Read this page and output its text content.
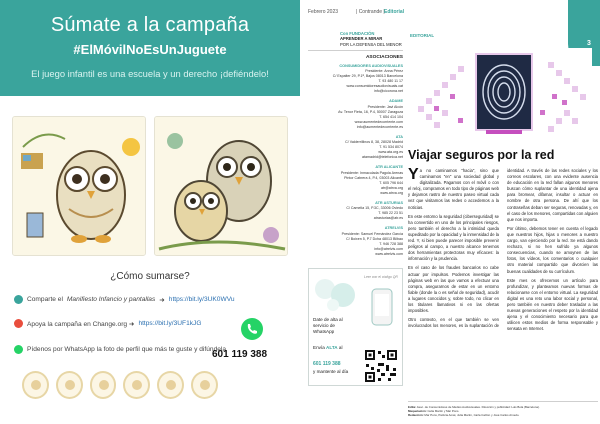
Súmate a la campaña
#ElMóvilNoEsUnJuguete
El juego infantil es una escuela y un derecho ¡defiéndelo!
¿Cómo sumarse?
Comparte el Manifiesto Infancio y pantallas ➜ https://bit.ly/3UK0WVu
Apoya la campaña en Change.org ➜ https://bit.ly/3UF1kJG
Pídenos por WhatsApp la foto de perfil que más te guste y difúndela
601 119 388
Febrero 2023	| Contrande | Editorial
3
Con FUNDACIÓN
APRENDER A MIRAR
POR LA DEFENSA DEL MENOR
EDITORIAL
ASOCIACIONES
CONSUMIDORES AUDIOVISUALES
Presidente: Anna Pérez
C/ Espalter 29, P.1ª, Bajos 08013 Barcelona
T. 93 480 11 17
www.consumidoresaudiovisuals.cat
info@cicorona.net
ADAME
Presidente: Javi Alcón
Av. Tenor Fleta, 16, P.4, 50007 Zaragoza
T. 654 414 104
www.aumentedecorriente.com
info@aumentedecorriente.es
ATA
C/ Valderrillinos 8, 38, 28028 Madrid
T. 91 534 8074
www.ata.org.es
atamadrid@telefonica.net
ATR ALICANTE
Presidente: Inmaculada Pagola Arenas
Pintor Cabrera 4, P.4, 03003 Alicante
T. 605 796 644
atr@atrva.org
www.atrva.org
ATR ASTURIAS
C/ Camelia 15, P.3C, 33006 Oviedo
T. 985 22 23 51
atrasturias@atr.es
ATRELVIS
Presidente: Samuel Fernández García
C/ Boixen 5, P.7 Dcha 48013 Bilbao
T. 946 728 388
info@atrelvis.com
www.atrelvis.com
Leer con el código QR
Date de alta al servicio de WhatsApp
Envía ALTA al
601 119 388
y mantente al día
Viajar seguros por la red

Ya no caminamos "hacia", sino que caminamos "en" una sociedad global y digitalizada. Pagamos con el móvil o con el reloj, compramos en todo tipo de páginas web y dejamos rastro de nuestro paseo virtual cada vez que visitamos las redes o accedemos a la noticias.

En este entorno la seguridad (ciberseguridad) se ha convertido en uno de los principales riesgos, pero también el derecho a la intimidad queda supeditado por la opacidad y la inmensidad de la red. Y, si bien puede parecer imposible prevenir peligros al campo, a nuestro alcance tenemos dos herramientas protectoras muy eficaces: la información y la prudencia.

En el caso de los fraudes bancarios no cabe actuar por impulsos. Podemos investigar las páginas web en las que vamos a efectuar una compra, asegurarnos de estar en un entorno fiable (donde la o es señal de seguridad), acudir a lugares conocidos y, sobre todo, no clicar en los titulares llamativos ni en las ofertas imposibles.

Otro contexto, en el que también se ven involucrados los menores, es la suplantación de identidad. A través de las redes sociales y los correos escolares, con una evidente ausencia de educación en la red fallan algunos menores buscan cómo suplantar de una identidad ajena para bromear, difamar, insultar o actuar en nombre de otra persona. De ahí que los contraseñas deban ser seguras, renovadas y, en el caso de los menores, compartidas con alguien que nos importa.

Por último, debemos tener en cuenta el legado que nuestros hijos, hijas o menores a nuestro cargo, van ejerciendo por la red. Se está dando rechazo, si no hen sufrido ya algunos consecuencias, cuando se amoynen de las fotos, los vídeos, los comentarios o cualquier otro material compartido que divorcien las buenas cualidades de su currículum.

Este mes os ofrecemos un artículo para profundizar, y planteamos nuevas formas de relacionarse con el entorno virtual. La seguridad digital es una reto una labor social y personal, pero también en nuestro deber trasladar a las nuevas generaciones el respeto por la identidad ajena y el conocimiento necesario para que utilicen estos medios de forma responsable y sensata en Internet.

Edita: Asoc. de Consumidores de Medios Audiovisuales. Dirección y publicidad: Luis Bola (Barcelona).
Maquetación: Celia Martín y Mar Pons.
Redacción: Mar Pons, Patricia Amat, Julia Martín, Carla Calzón y José Carlos Arnedo.
